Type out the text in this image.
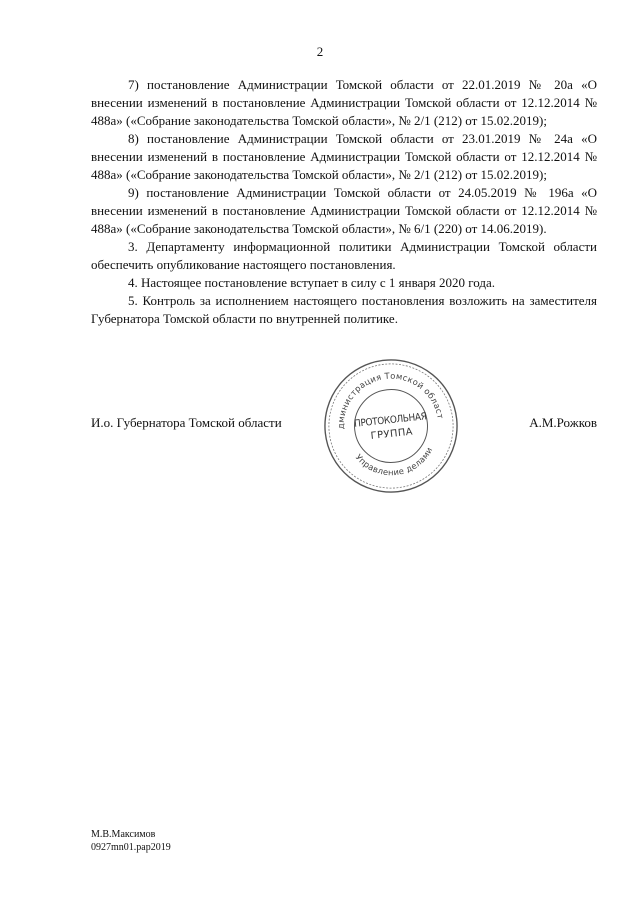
2

7) постановление Администрации Томской области от 22.01.2019 № 20а «О внесении изменений в постановление Администрации Томской области от 12.12.2014 № 488а» («Собрание законодательства Томской области», № 2/1 (212) от 15.02.2019);

8) постановление Администрации Томской области от 23.01.2019 № 24а «О внесении изменений в постановление Администрации Томской области от 12.12.2014 № 488а» («Собрание законодательства Томской области», № 2/1 (212) от 15.02.2019);

9) постановление Администрации Томской области от 24.05.2019 № 196а «О внесении изменений в постановление Администрации Томской области от 12.12.2014 № 488а» («Собрание законодательства Томской области», № 6/1 (220) от 14.06.2019).

3. Департаменту информационной политики Администрации Томской области обеспечить опубликование настоящего постановления.

4. Настоящее постановление вступает в силу с 1 января 2020 года.

5. Контроль за исполнением настоящего постановления возложить на заместителя Губернатора Томской области по внутренней политике.

И.о. Губернатора Томской области	А.М.Рожков
Администрация Томской области
Управление делами
ПРОТОКОЛЬНАЯ
ГРУППА
М.В.Максимов
0927mn01.pap2019
